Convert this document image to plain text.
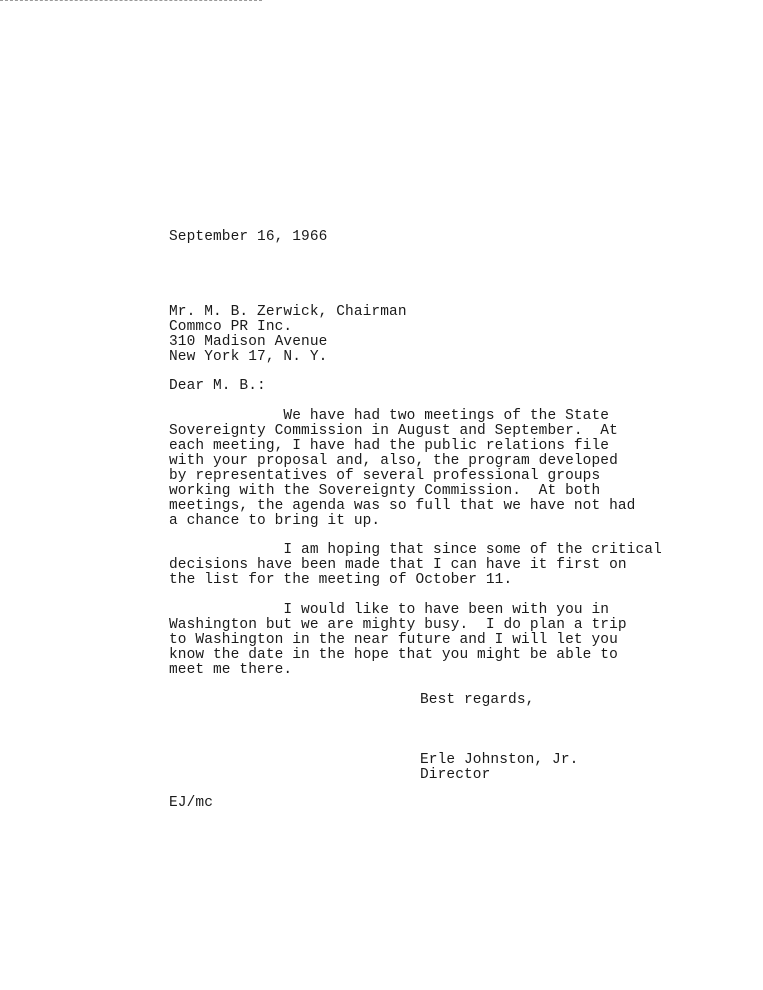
September 16, 1966
Mr. M. B. Zerwick, Chairman
Commco PR Inc.
310 Madison Avenue
New York 17, N. Y.
Dear M. B.:
We have had two meetings of the State
Sovereignty Commission in August and September.  At
each meeting, I have had the public relations file
with your proposal and, also, the program developed
by representatives of several professional groups
working with the Sovereignty Commission.  At both
meetings, the agenda was so full that we have not had
a chance to bring it up.
I am hoping that since some of the critical
decisions have been made that I can have it first on
the list for the meeting of October 11.
I would like to have been with you in
Washington but we are mighty busy.  I do plan a trip
to Washington in the near future and I will let you
know the date in the hope that you might be able to
meet me there.
Best regards,
Erle Johnston, Jr.
Director
EJ/mc
